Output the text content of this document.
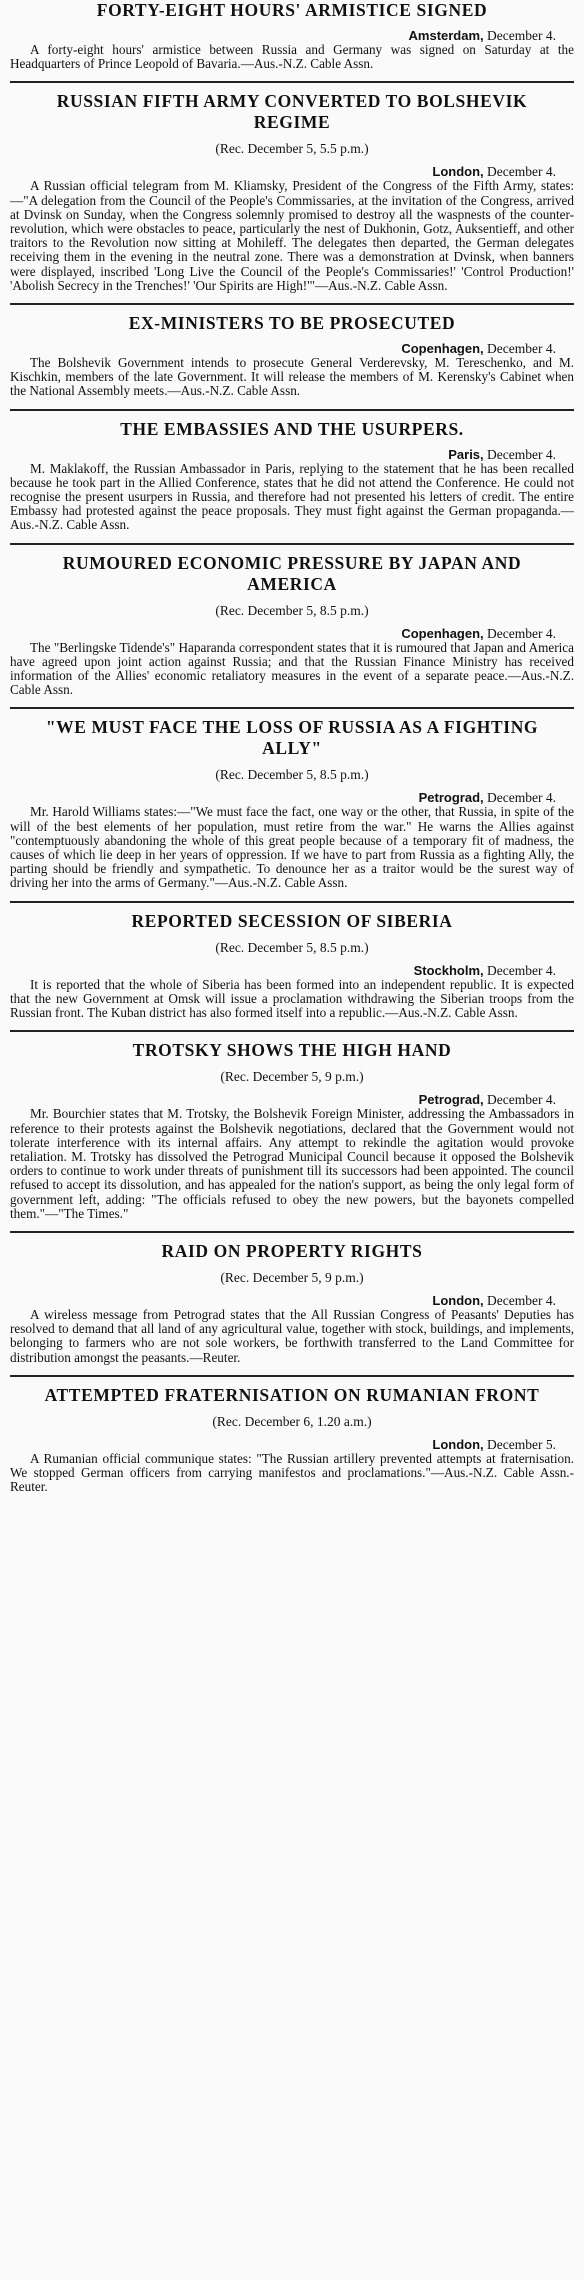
FORTY-EIGHT HOURS' ARMISTICE SIGNED
Amsterdam, December 4.

A forty-eight hours' armistice between Russia and Germany was signed on Saturday at the Headquarters of Prince Leopold of Bavaria.—Aus.-N.Z. Cable Assn.

RUSSIAN FIFTH ARMY CONVERTED TO BOLSHEVIK REGIME
(Rec. December 5, 5.5 p.m.)
London, December 4.

A Russian official telegram from M. Kliamsky, President of the Congress of the Fifth Army, states:—"A delegation from the Council of the People's Commissaries, at the invitation of the Congress, arrived at Dvinsk on Sunday, when the Congress solemnly promised to destroy all the waspnests of the counter-revolution, which were obstacles to peace, particularly the nest of Dukhonin, Gotz, Auksentieff, and other traitors to the Revolution now sitting at Mohileff. The delegates then departed, the German delegates receiving them in the evening in the neutral zone. There was a demonstration at Dvinsk, when banners were displayed, inscribed 'Long Live the Council of the People's Commissaries!' 'Control Production!' 'Abolish Secrecy in the Trenches!' 'Our Spirits are High!'"—Aus.-N.Z. Cable Assn.

EX-MINISTERS TO BE PROSECUTED
Copenhagen, December 4.

The Bolshevik Government intends to prosecute General Verderevsky, M. Tereschenko, and M. Kischkin, members of the late Government. It will release the members of M. Kerensky's Cabinet when the National Assembly meets.—Aus.-N.Z. Cable Assn.

THE EMBASSIES AND THE USURPERS.
Paris, December 4.

M. Maklakoff, the Russian Ambassador in Paris, replying to the statement that he has been recalled because he took part in the Allied Conference, states that he did not attend the Conference. He could not recognise the present usurpers in Russia, and therefore had not presented his letters of credit. The entire Embassy had protested against the peace proposals. They must fight against the German propaganda.—Aus.-N.Z. Cable Assn.

RUMOURED ECONOMIC PRESSURE BY JAPAN AND AMERICA
(Rec. December 5, 8.5 p.m.)
Copenhagen, December 4.

The "Berlingske Tidende's" Haparanda correspondent states that it is rumoured that Japan and America have agreed upon joint action against Russia; and that the Russian Finance Ministry has received information of the Allies' economic retaliatory measures in the event of a separate peace.—Aus.-N.Z. Cable Assn.

"WE MUST FACE THE LOSS OF RUSSIA AS A FIGHTING ALLY"
(Rec. December 5, 8.5 p.m.)
Petrograd, December 4.

Mr. Harold Williams states:—"We must face the fact, one way or the other, that Russia, in spite of the will of the best elements of her population, must retire from the war." He warns the Allies against "contemptuously abandoning the whole of this great people because of a temporary fit of madness, the causes of which lie deep in her years of oppression. If we have to part from Russia as a fighting Ally, the parting should be friendly and sympathetic. To denounce her as a traitor would be the surest way of driving her into the arms of Germany."—Aus.-N.Z. Cable Assn.

REPORTED SECESSION OF SIBERIA
(Rec. December 5, 8.5 p.m.)
Stockholm, December 4.

It is reported that the whole of Siberia has been formed into an independent republic. It is expected that the new Government at Omsk will issue a proclamation withdrawing the Siberian troops from the Russian front. The Kuban district has also formed itself into a republic.—Aus.-N.Z. Cable Assn.

TROTSKY SHOWS THE HIGH HAND
(Rec. December 5, 9 p.m.)
Petrograd, December 4.

Mr. Bourchier states that M. Trotsky, the Bolshevik Foreign Minister, addressing the Ambassadors in reference to their protests against the Bolshevik negotiations, declared that the Government would not tolerate interference with its internal affairs. Any attempt to rekindle the agitation would provoke retaliation. M. Trotsky has dissolved the Petrograd Municipal Council because it opposed the Bolshevik orders to continue to work under threats of punishment till its successors had been appointed. The council refused to accept its dissolution, and has appealed for the nation's support, as being the only legal form of government left, adding: "The officials refused to obey the new powers, but the bayonets compelled them."—"The Times."

RAID ON PROPERTY RIGHTS
(Rec. December 5, 9 p.m.)
London, December 4.

A wireless message from Petrograd states that the All Russian Congress of Peasants' Deputies has resolved to demand that all land of any agricultural value, together with stock, buildings, and implements, belonging to farmers who are not sole workers, be forthwith transferred to the Land Committee for distribution amongst the peasants.—Reuter.

ATTEMPTED FRATERNISATION ON RUMANIAN FRONT
(Rec. December 6, 1.20 a.m.)
London, December 5.

A Rumanian official communique states: "The Russian artillery prevented attempts at fraternisation. We stopped German officers from carrying manifestos and proclamations."—Aus.-N.Z. Cable Assn.-Reuter.
